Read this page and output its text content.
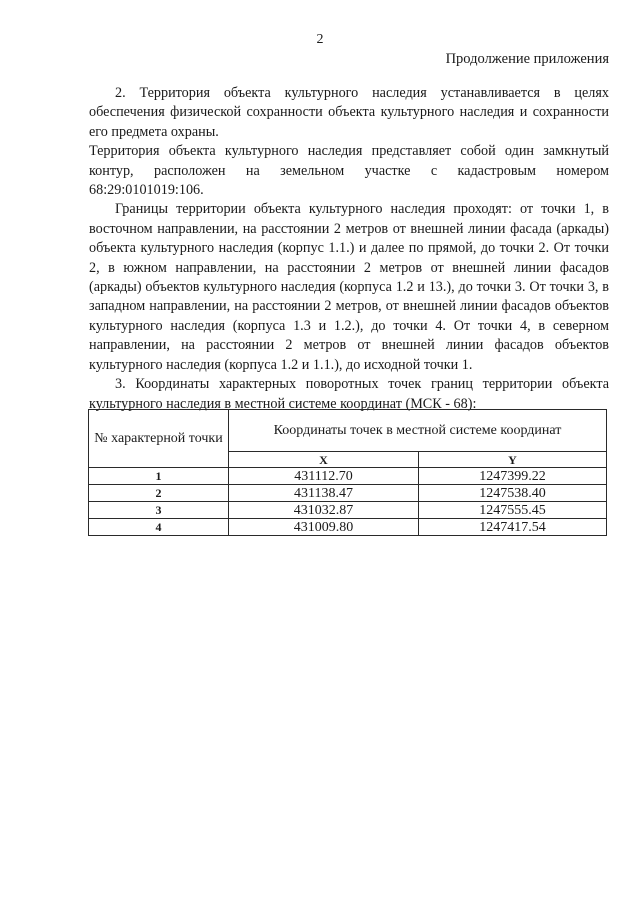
2
Продолжение приложения

2. Территория объекта культурного наследия устанавливается в целях обеспечения физической сохранности объекта культурного наследия и сохранности его предмета охраны.

Территория объекта культурного наследия представляет собой один замкнутый контур, расположен на земельном участке с кадастровым номером 68:29:0101019:106.

Границы территории объекта культурного наследия проходят: от точки 1, в восточном направлении, на расстоянии 2 метров от внешней линии фасада (аркады) объекта культурного наследия (корпус 1.1.) и далее по прямой, до точки 2. От точки 2, в южном направлении, на расстоянии 2 метров от внешней линии фасадов (аркады) объектов культурного наследия (корпуса 1.2 и 13.), до точки 3. От точки 3, в западном направлении, на расстоянии 2 метров, от внешней линии фасадов объектов культурного наследия (корпуса 1.3 и 1.2.), до точки 4. От точки 4, в северном направлении, на расстоянии 2 метров от внешней линии фасадов объектов культурного наследия (корпуса 1.2 и 1.1.), до исходной точки 1.

3. Координаты характерных поворотных точек границ территории объекта культурного наследия в местной системе координат (МСК - 68):

№ характерной точки	Координаты точек в местной системе координат	
	X	Y
1	431112.70	1247399.22
2	431138.47	1247538.40
3	431032.87	1247555.45
4	431009.80	1247417.54
